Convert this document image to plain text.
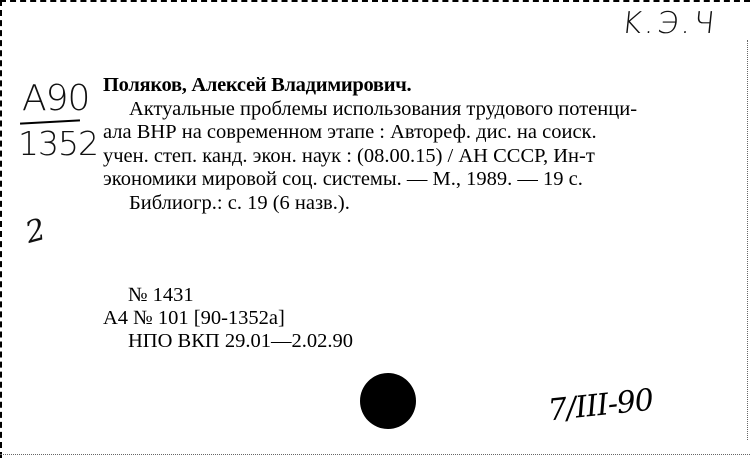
K.Э.Ч
А90
1352
2
Поляков, Алексей Владимирович.
Актуальные проблемы использования трудового потенци-
ала ВНР на современном этапе : Автореф. дис. на соиск.
учен. степ. канд. экон. наук : (08.00.15) / АН СССР, Ин-т
экономики мировой соц. системы. — М., 1989. — 19 с.
Библиогр.: с. 19 (6 назв.).
№ 1431
А4 № 101 [90-1352а]
НПО ВКП 29.01—2.02.90
7/III-90
